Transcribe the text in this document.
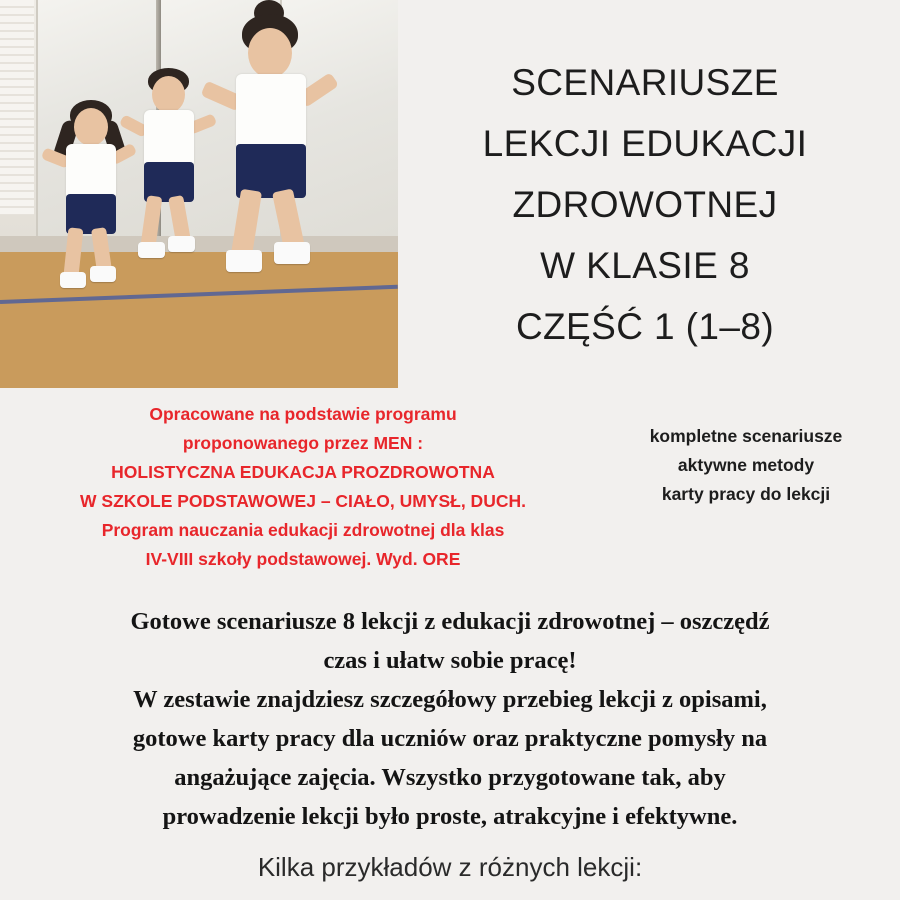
SCENARIUSZE
LEKCJI EDUKACJI
ZDROWOTNEJ
W KLASIE 8
CZĘŚĆ 1 (1–8)
Opracowane na podstawie programu
proponowanego przez MEN :
HOLISTYCZNA EDUKACJA PROZDROWOTNA
W SZKOLE PODSTAWOWEJ – CIAŁO, UMYSŁ, DUCH.
Program nauczania edukacji zdrowotnej dla klas
IV-VIII szkoły podstawowej. Wyd. ORE
kompletne scenariusze
aktywne metody
karty pracy do lekcji
Gotowe scenariusze 8 lekcji z edukacji zdrowotnej – oszczędź
czas i ułatw sobie pracę!
W zestawie znajdziesz szczegółowy przebieg lekcji z opisami,
gotowe karty pracy dla uczniów oraz praktyczne pomysły na
angażujące zajęcia. Wszystko przygotowane tak, aby
prowadzenie lekcji było proste, atrakcyjne i efektywne.
Kilka przykładów z różnych lekcji:
